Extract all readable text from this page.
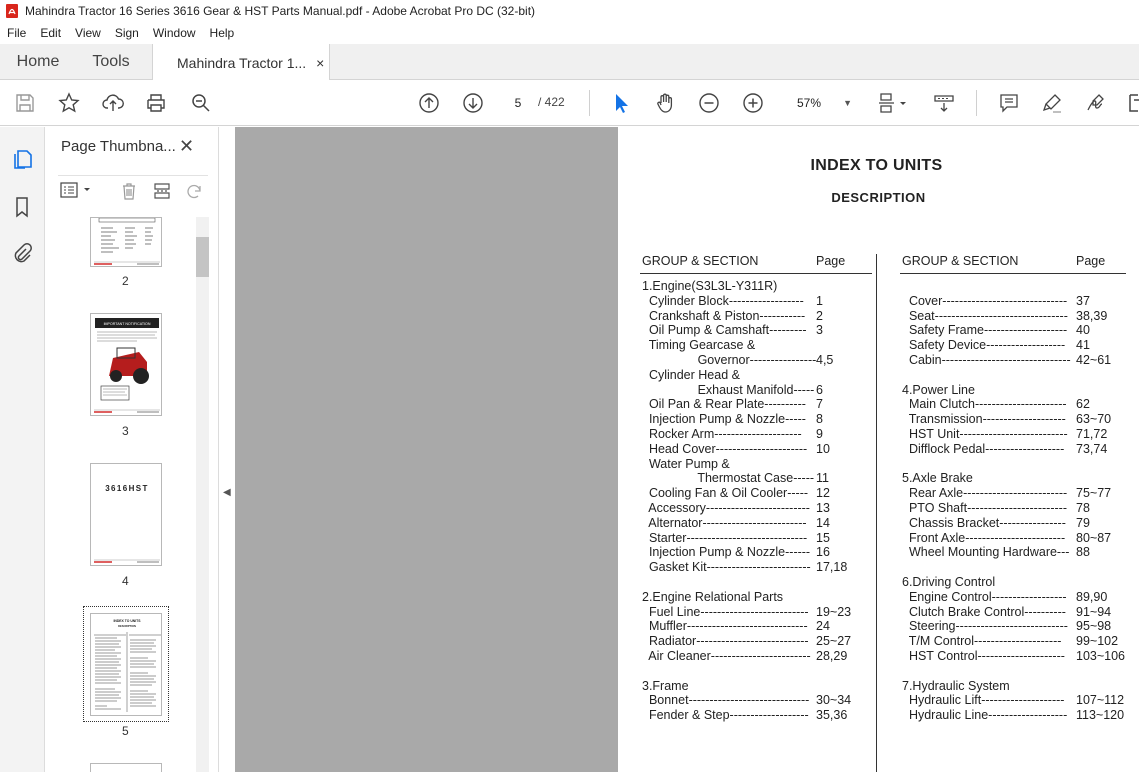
Mahindra Tractor 16 Series 3616 Gear & HST Parts Manual.pdf - Adobe Acrobat Pro DC (32-bit)
File	Edit	View	Sign	Window	Help
Home	Tools	Mahindra Tractor 1... ×
5	/ 422	57% ▼
Page Thumbna... ✕
2
IMPORTANT NOTIFICATION
3
3616HST
4
INDEX TO UNITS
DESCRIPTION
5
◀
INDEX TO UNITS
DESCRIPTION
GROUP & SECTION	Page	GROUP & SECTION	Page
1.Engine(S3L3L-Y311R)
Cylinder Block------------------ 1
Crankshaft & Piston----------- 2
Oil Pump & Camshaft--------- 3
Timing Gearcase &
Governor---------------- 4,5
Cylinder Head &
Exhaust Manifold----- 6
Oil Pan & Rear Plate---------- 7
Injection Pump & Nozzle----- 8
Rocker Arm--------------------- 9
Head Cover---------------------- 10
Water Pump &
Thermostat Case----- 11
Cooling Fan & Oil Cooler----- 12
Accessory------------------------- 13
Alternator------------------------- 14
Starter----------------------------- 15
Injection Pump & Nozzle------ 16
Gasket Kit------------------------- 17,18
2.Engine Relational Parts
Fuel Line-------------------------- 19~23
Muffler----------------------------- 24
Radiator--------------------------- 25~27
Air Cleaner------------------------ 28,29
3.Frame
Bonnet----------------------------- 30~34
Fender & Step------------------- 35,36
Cover------------------------------ 37
Seat-------------------------------- 38,39
Safety Frame-------------------- 40
Safety Device------------------- 41
Cabin------------------------------- 42~61
4.Power Line
Main Clutch---------------------- 62
Transmission-------------------- 63~70
HST Unit-------------------------- 71,72
Difflock Pedal------------------- 73,74
5.Axle Brake
Rear Axle------------------------- 75~77
PTO Shaft------------------------ 78
Chassis Bracket---------------- 79
Front Axle------------------------ 80~87
Wheel Mounting Hardware--- 88
6.Driving Control
Engine Control------------------ 89,90
Clutch Brake Control---------- 91~94
Steering--------------------------- 95~98
T/M Control--------------------- 99~102
HST Control--------------------- 103~106
7.Hydraulic System
Hydraulic Lift-------------------- 107~112
Hydraulic Line------------------- 113~120
